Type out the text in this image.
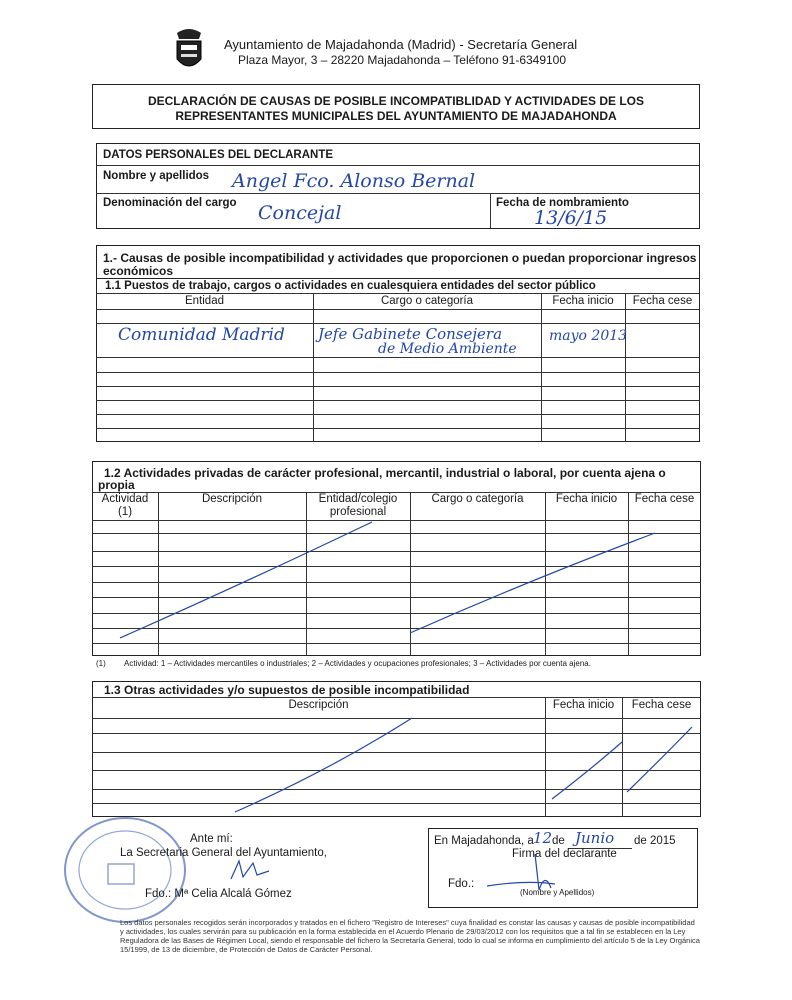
Ayuntamiento de Majadahonda (Madrid) - Secretaría General
Plaza Mayor, 3 – 28220 Majadahonda – Teléfono 91-6349100
DECLARACIÓN DE CAUSAS DE POSIBLE INCOMPATIBLIDAD Y ACTIVIDADES DE LOS
REPRESENTANTES MUNICIPALES DEL AYUNTAMIENTO DE MAJADAHONDA
DATOS PERSONALES DEL DECLARANTE
Nombre y apellidos Angel Fco. Alonso Bernal
Denominación del cargo Concejal	Fecha de nombramiento
13/6/15
1.- Causas de posible incompatibilidad y actividades que proporcionen o puedan proporcionar ingresos
económicos
1.1 Puestos de trabajo, cargos o actividades en cualesquiera entidades del sector público
Entidad	Cargo o categoría	Fecha inicio	Fecha cese
Comunidad Madrid Jefe Gabinete Consejera
de Medio Ambiente
mayo 2013
1.2 Actividades privadas de carácter profesional, mercantil, industrial o laboral, por cuenta ajena o
propia
Actividad
(1)
Descripción	Entidad/colegio
profesional
Cargo o categoría	Fecha inicio	Fecha cese
(1) Actividad: 1 – Actividades mercantiles o industriales; 2 – Actividades y ocupaciones profesionales; 3 – Actividades por cuenta ajena.
1.3 Otras actividades y/o supuestos de posible incompatibilidad
Descripción	Fecha inicio	Fecha cese
Ante mí:
La Secretaria General del Ayuntamiento,
Fdo.: Mª Celia Alcalá Gómez
En Majadahonda, a 12 de Junio de 2015
Firma del declarante
Fdo.:
(Nombre y Apellidos)
Los datos personales recogidos serán incorporados y tratados en el fichero "Registro de Intereses" cuya finalidad es constar las causas y causas de posible incompatibilidad y actividades, los cuales servirán para su publicación en la forma establecida en el Acuerdo Plenario de 29/03/2012 con los requisitos que a tal fin se establecen en la Ley Reguladora de las Bases de Régimen Local, siendo el responsable del fichero la Secretaría General, todo lo cual se informa en cumplimiento del artículo 5 de la Ley Orgánica 15/1999, de 13 de diciembre, de Protección de Datos de Carácter Personal.
